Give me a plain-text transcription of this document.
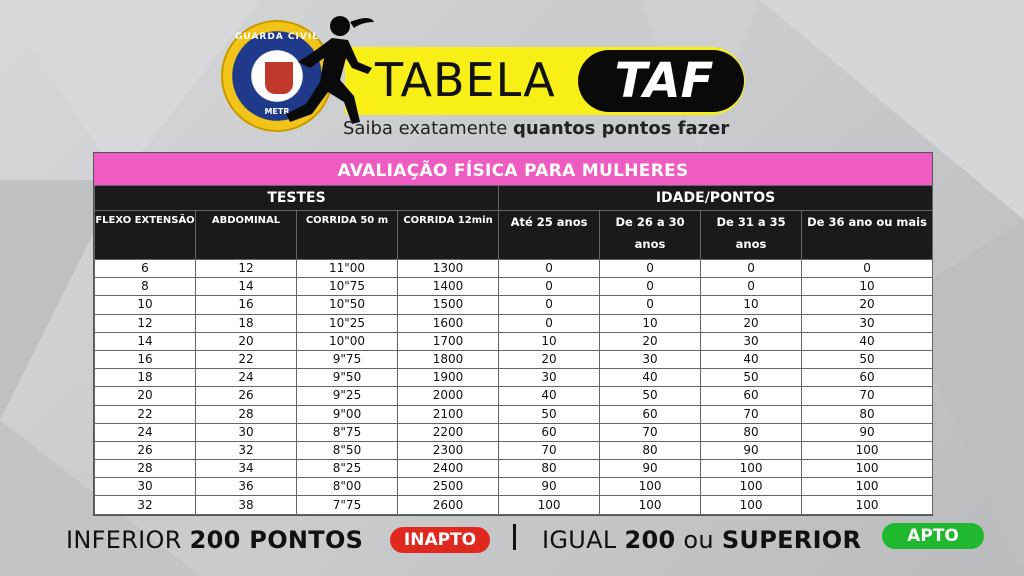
GUARDA CIVIL
METR
TABELA	TAF
Saiba exatamente quantos pontos fazer
AVALIAÇÃO FÍSICA PARA MULHERES
TESTES				IDADE/PONTOS			
FLEXO EXTENSÃO	ABDOMINAL	CORRIDA 50 m	CORRIDA 12min	Até 25 anos	De 26 a 30 anos	De 31 a 35 anos	De 36 ano ou mais
6	12	11"00	1300	0	0	0	0
8	14	10"75	1400	0	0	0	10
10	16	10"50	1500	0	0	10	20
12	18	10"25	1600	0	10	20	30
14	20	10"00	1700	10	20	30	40
16	22	9"75	1800	20	30	40	50
18	24	9"50	1900	30	40	50	60
20	26	9"25	2000	40	50	60	70
22	28	9"00	2100	50	60	70	80
24	30	8"75	2200	60	70	80	90
26	32	8"50	2300	70	80	90	100
28	34	8"25	2400	80	90	100	100
30	36	8"00	2500	90	100	100	100
32	38	7"75	2600	100	100	100	100
INFERIOR 200 PONTOS	INAPTO	IGUAL 200 ou SUPERIOR	APTO
